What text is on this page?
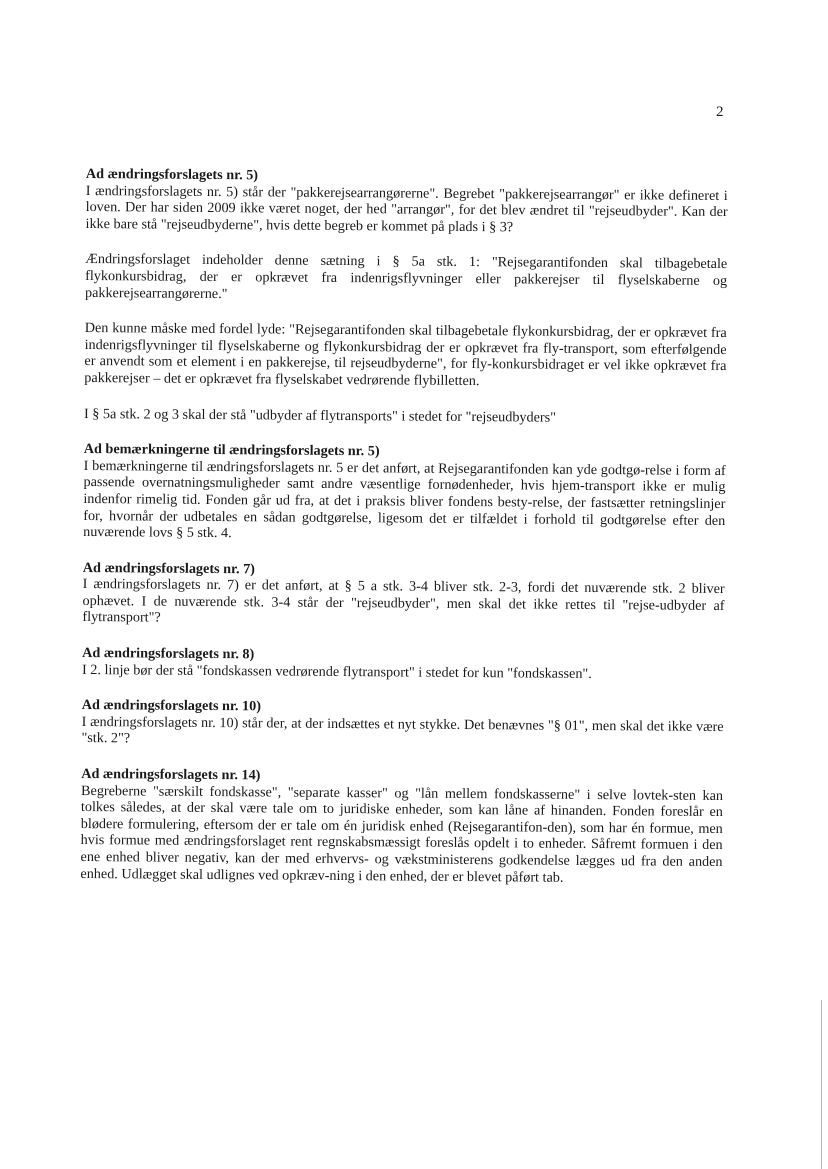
2

Ad ændringsforslagets nr. 5)

I ændringsforslagets nr. 5) står der "pakkerejsearrangørerne". Begrebet "pakkerejsearrangør" er ikke defineret i loven. Der har siden 2009 ikke været noget, der hed "arrangør", for det blev ændret til "rejseudbyder". Kan der ikke bare stå "rejseudbyderne", hvis dette begreb er kommet på plads i § 3?

Ændringsforslaget indeholder denne sætning i § 5a stk. 1: "Rejsegarantifonden skal tilbagebetale flykonkursbidrag, der er opkrævet fra indenrigsflyvninger eller pakkerejser til flyselskaberne og pakkerejsearrangørerne."

Den kunne måske med fordel lyde: "Rejsegarantifonden skal tilbagebetale flykonkursbidrag, der er opkrævet fra indenrigsflyvninger til flyselskaberne og flykonkursbidrag der er opkrævet fra fly-transport, som efterfølgende er anvendt som et element i en pakkerejse, til rejseudbyderne", for fly-konkursbidraget er vel ikke opkrævet fra pakkerejser – det er opkrævet fra flyselskabet vedrørende flybilletten.

I § 5a stk. 2 og 3 skal der stå "udbyder af flytransports" i stedet for "rejseudbyders"

Ad bemærkningerne til ændringsforslagets nr. 5)

I bemærkningerne til ændringsforslagets nr. 5 er det anført, at Rejsegarantifonden kan yde godtgø-relse i form af passende overnatningsmuligheder samt andre væsentlige fornødenheder, hvis hjem-transport ikke er mulig indenfor rimelig tid. Fonden går ud fra, at det i praksis bliver fondens besty-relse, der fastsætter retningslinjer for, hvornår der udbetales en sådan godtgørelse, ligesom det er tilfældet i forhold til godtgørelse efter den nuværende lovs § 5 stk. 4.

Ad ændringsforslagets nr. 7)

I ændringsforslagets nr. 7) er det anført, at § 5 a stk. 3-4 bliver stk. 2-3, fordi det nuværende stk. 2 bliver ophævet. I de nuværende stk. 3-4 står der "rejseudbyder", men skal det ikke rettes til "rejse-udbyder af flytransport"?

Ad ændringsforslagets nr. 8)

I 2. linje bør der stå "fondskassen vedrørende flytransport" i stedet for kun "fondskassen".

Ad ændringsforslagets nr. 10)

I ændringsforslagets nr. 10) står der, at der indsættes et nyt stykke. Det benævnes "§ 01", men skal det ikke være "stk. 2"?

Ad ændringsforslagets nr. 14)

Begreberne "særskilt fondskasse", "separate kasser" og "lån mellem fondskasserne" i selve lovtek-sten kan tolkes således, at der skal være tale om to juridiske enheder, som kan låne af hinanden. Fonden foreslår en blødere formulering, eftersom der er tale om én juridisk enhed (Rejsegarantifon-den), som har én formue, men hvis formue med ændringsforslaget rent regnskabsmæssigt foreslås opdelt i to enheder. Såfremt formuen i den ene enhed bliver negativ, kan der med erhvervs- og vækstministerens godkendelse lægges ud fra den anden enhed. Udlægget skal udlignes ved opkræv-ning i den enhed, der er blevet påført tab.
